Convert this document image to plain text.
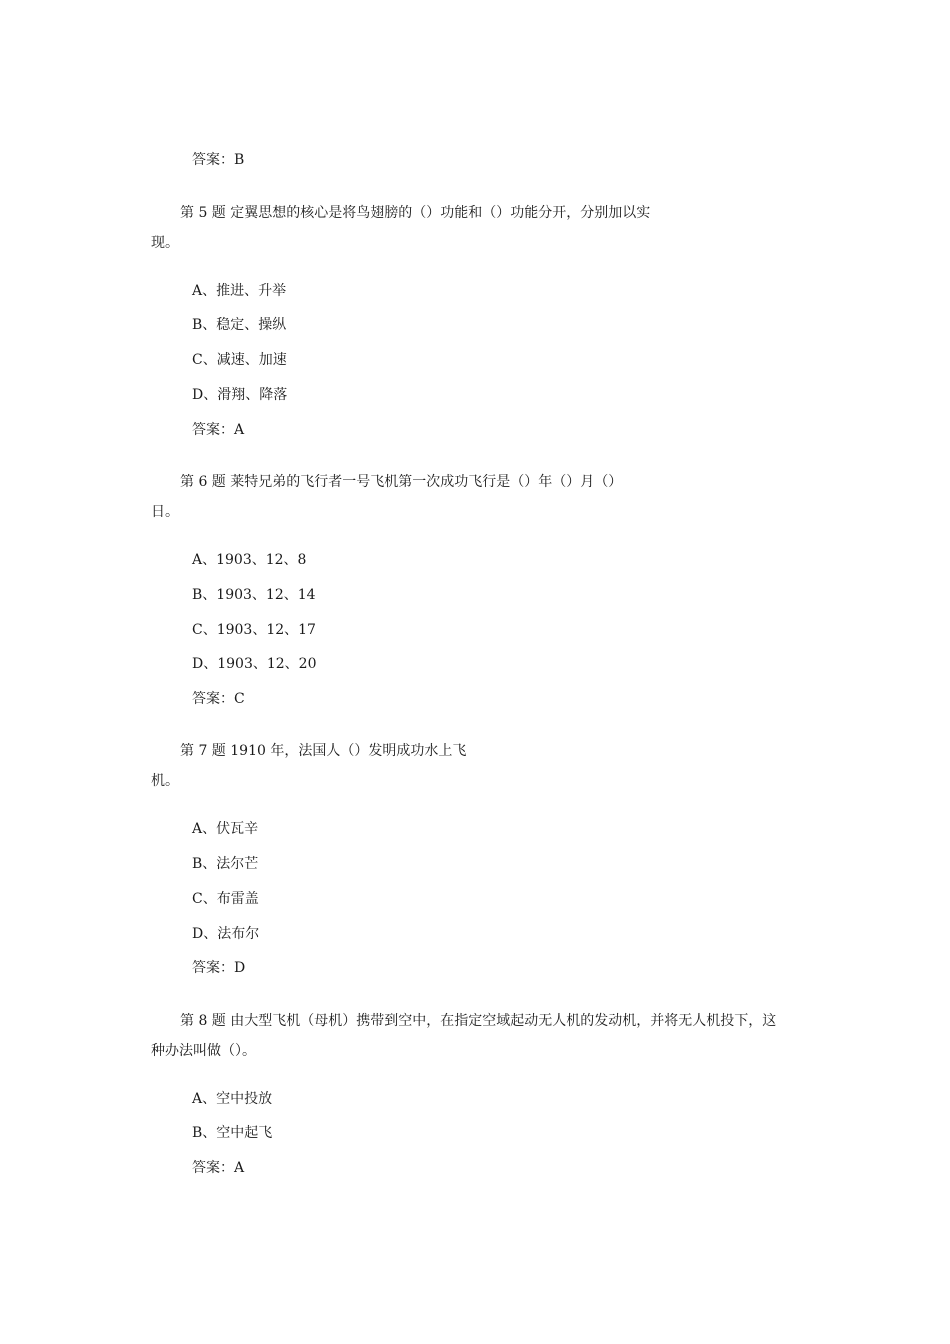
答案：B
第 5 题 定翼思想的核心是将鸟翅膀的（）功能和（）功能分开，分别加以实
现。
A、推进、升举
B、稳定、操纵
C、减速、加速
D、滑翔、降落
答案：A
第 6 题 莱特兄弟的飞行者一号飞机第一次成功飞行是（）年（）月（）
日。
A、1903、12、8
B、1903、12、14
C、1903、12、17
D、1903、12、20
答案：C
第 7 题 1910 年，法国人（）发明成功水上飞
机。
A、伏瓦辛
B、法尔芒
C、布雷盖
D、法布尔
答案：D
第 8 题 由大型飞机（母机）携带到空中，在指定空域起动无人机的发动机，并将无人机投下，这
种办法叫做（）。
A、空中投放
B、空中起飞
答案：A
